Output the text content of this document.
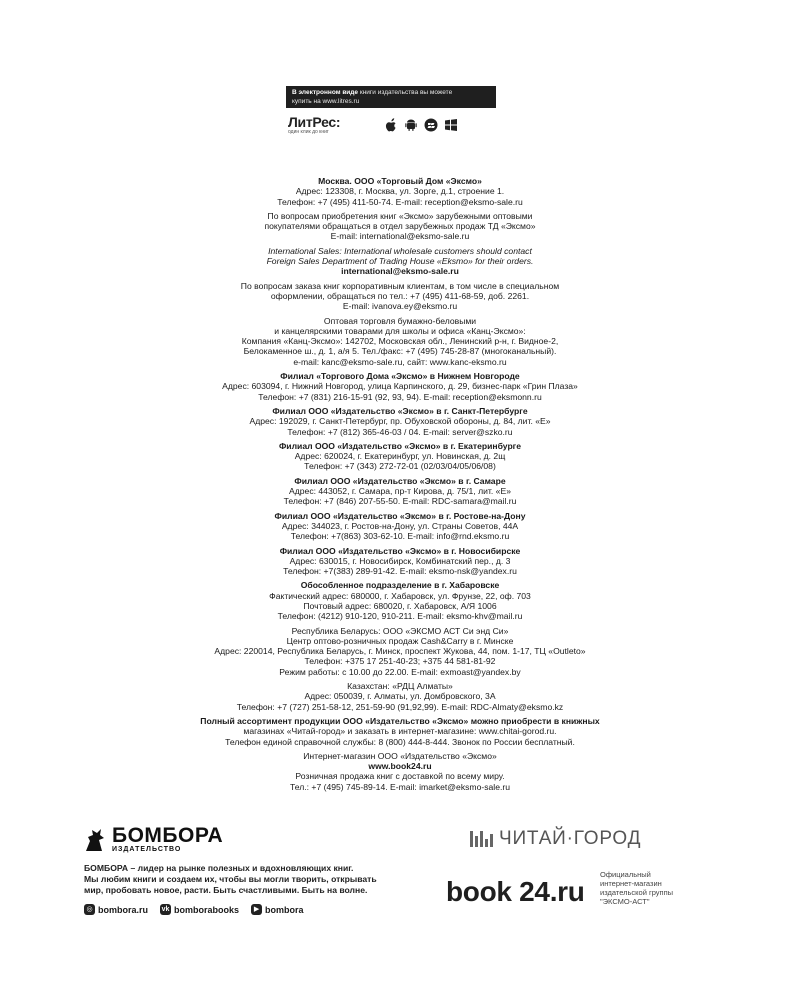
В электронном виде книги издательства вы можете
купить на www.litres.ru
ЛитРес:
один клик до книг
Москва. ООО «Торговый Дом «Эксмо»
Адрес: 123308, г. Москва, ул. Зорге, д.1, строение 1.
Телефон: +7 (495) 411-50-74. E-mail: reception@eksmo-sale.ru
По вопросам приобретения книг «Эксмо» зарубежными оптовыми
покупателями обращаться в отдел зарубежных продаж ТД «Эксмо»
E-mail: international@eksmo-sale.ru
International Sales: International wholesale customers should contact
Foreign Sales Department of Trading House «Eksmo» for their orders.
international@eksmo-sale.ru
По вопросам заказа книг корпоративным клиентам, в том числе в специальном
оформлении, обращаться по тел.: +7 (495) 411-68-59, доб. 2261.
E-mail: ivanova.ey@eksmo.ru
Оптовая торговля бумажно-беловыми
и канцелярскими товарами для школы и офиса «Канц-Эксмо»:
Компания «Канц-Эксмо»: 142702, Московская обл., Ленинский р-н, г. Видное-2,
Белокаменное ш., д. 1, а/я 5. Тел./факс: +7 (495) 745-28-87 (многоканальный).
e-mail: kanc@eksmo-sale.ru, сайт: www.kanc-eksmo.ru
Филиал «Торгового Дома «Эксмо» в Нижнем Новгороде
Адрес: 603094, г. Нижний Новгород, улица Карпинского, д. 29, бизнес-парк «Грин Плаза»
Телефон: +7 (831) 216-15-91 (92, 93, 94). E-mail: reception@eksmonn.ru
Филиал ООО «Издательство «Эксмо» в г. Санкт-Петербурге
Адрес: 192029, г. Санкт-Петербург, пр. Обуховской обороны, д. 84, лит. «Е»
Телефон: +7 (812) 365-46-03 / 04. E-mail: server@szko.ru
Филиал ООО «Издательство «Эксмо» в г. Екатеринбурге
Адрес: 620024, г. Екатеринбург, ул. Новинская, д. 2щ
Телефон: +7 (343) 272-72-01 (02/03/04/05/06/08)
Филиал ООО «Издательство «Эксмо» в г. Самаре
Адрес: 443052, г. Самара, пр-т Кирова, д. 75/1, лит. «Е»
Телефон: +7 (846) 207-55-50. E-mail: RDC-samara@mail.ru
Филиал ООО «Издательство «Эксмо» в г. Ростове-на-Дону
Адрес: 344023, г. Ростов-на-Дону, ул. Страны Советов, 44А
Телефон: +7(863) 303-62-10. E-mail: info@rnd.eksmo.ru
Филиал ООО «Издательство «Эксмо» в г. Новосибирске
Адрес: 630015, г. Новосибирск, Комбинатский пер., д. 3
Телефон: +7(383) 289-91-42. E-mail: eksmo-nsk@yandex.ru
Обособленное подразделение в г. Хабаровске
Фактический адрес: 680000, г. Хабаровск, ул. Фрунзе, 22, оф. 703
Почтовый адрес: 680020, г. Хабаровск, А/Я 1006
Телефон: (4212) 910-120, 910-211. E-mail: eksmo-khv@mail.ru
Республика Беларусь: ООО «ЭКСМО АСТ Си энд Си»
Центр оптово-розничных продаж Cash&Carry в г. Минске
Адрес: 220014, Республика Беларусь, г. Минск, проспект Жукова, 44, пом. 1-17, ТЦ «Outleto»
Телефон: +375 17 251-40-23; +375 44 581-81-92
Режим работы: с 10.00 до 22.00. E-mail: exmoast@yandex.by
Казахстан: «РДЦ Алматы»
Адрес: 050039, г. Алматы, ул. Домбровского, 3А
Телефон: +7 (727) 251-58-12, 251-59-90 (91,92,99). E-mail: RDC-Almaty@eksmo.kz
Полный ассортимент продукции ООО «Издательство «Эксмо» можно приобрести в книжных
магазинах «Читай-город» и заказать в интернет-магазине: www.chitai-gorod.ru.
Телефон единой справочной службы: 8 (800) 444-8-444. Звонок по России бесплатный.
Интернет-магазин ООО «Издательство «Эксмо»
www.book24.ru
Розничная продажа книг с доставкой по всему миру.
Тел.: +7 (495) 745-89-14. E-mail: imarket@eksmo-sale.ru
БОМБОРА
ИЗДАТЕЛЬСТВО
БОМБОРА – лидер на рынке полезных и вдохновляющих книг.
Мы любим книги и создаем их, чтобы вы могли творить, открывать
мир, пробовать новое, расти. Быть счастливыми. Быть на волне.
◎ bombora.ru vk bomborabooks	▶ bombora
ЧИТАЙ·ГОРОД
book 24.ru
Официальный
интернет-магазин
издательской группы
"ЭКСМО-АСТ"
